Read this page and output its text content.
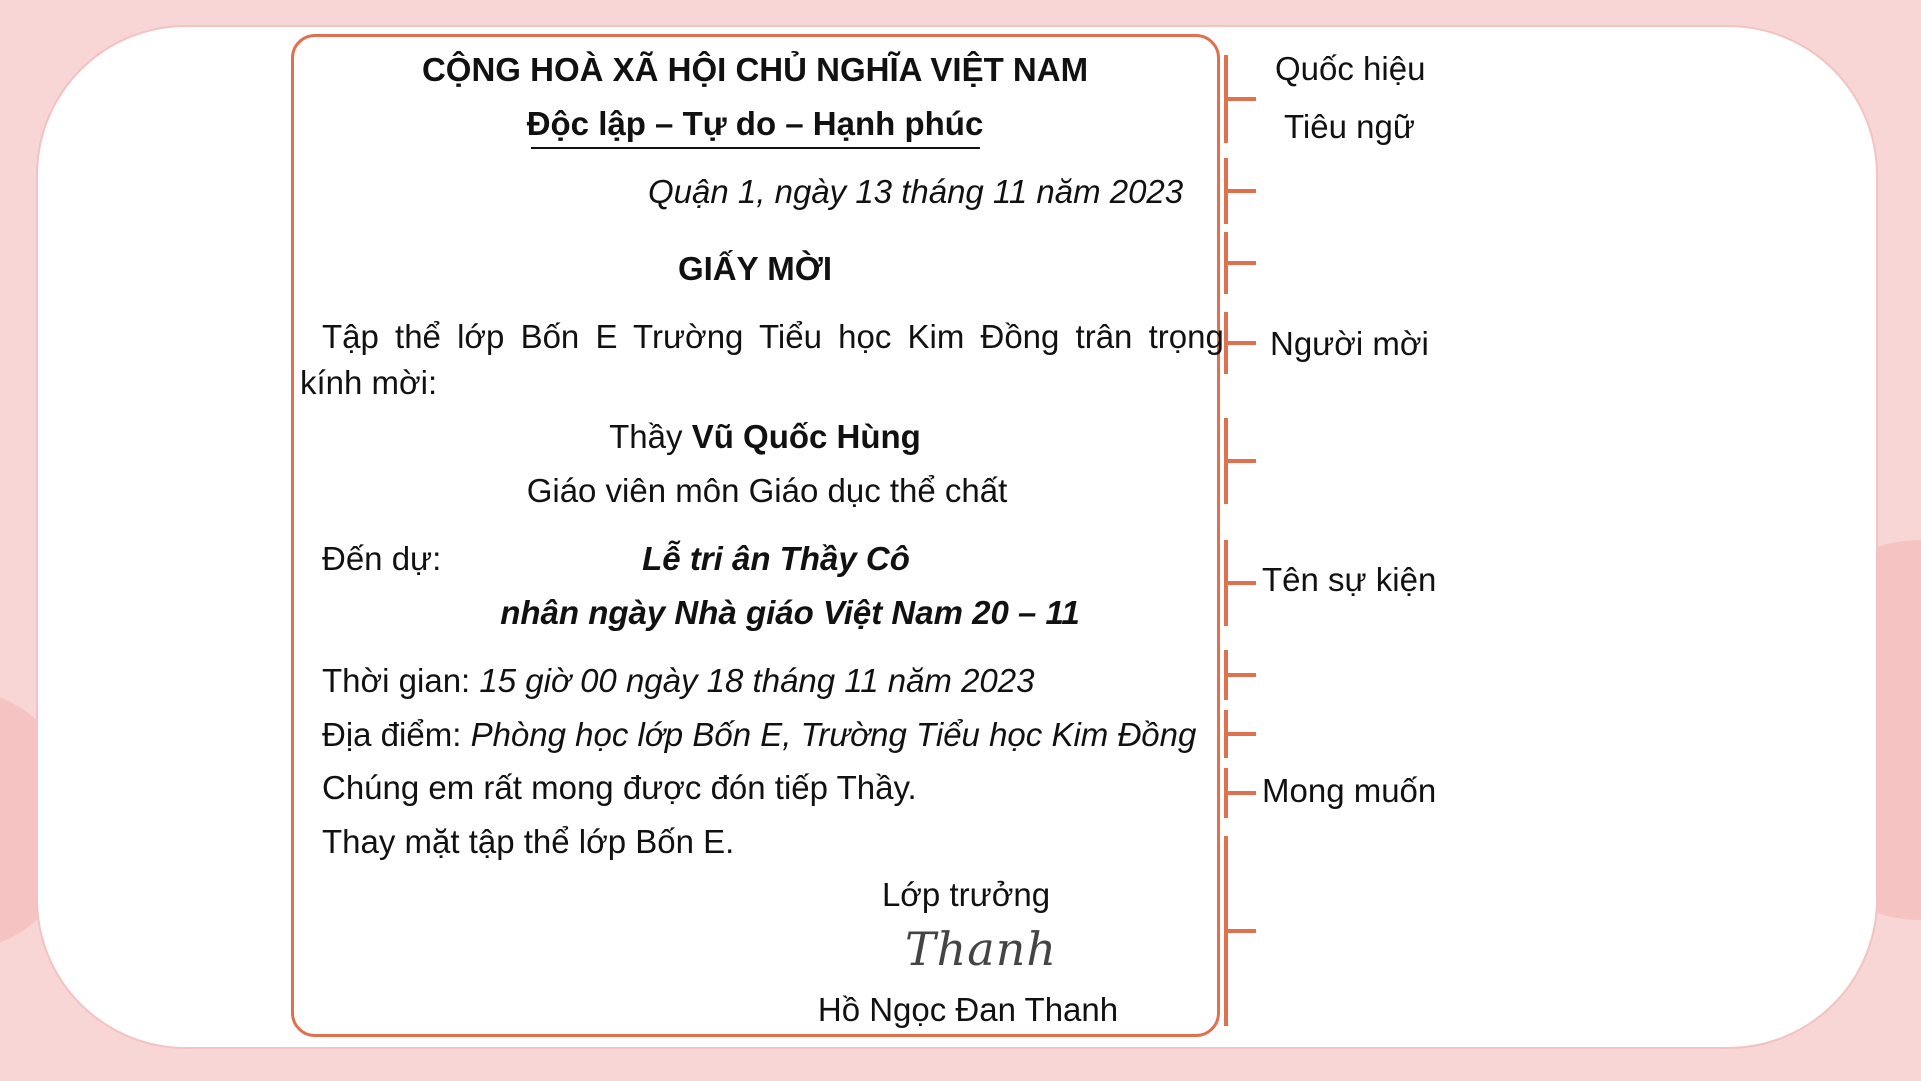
CỘNG HOÀ XÃ HỘI CHỦ NGHĨA VIỆT NAM
Độc lập – Tự do – Hạnh phúc
Quận 1, ngày 13 tháng 11 năm 2023
GIẤY MỜI
Tập thể lớp Bốn E Trường Tiểu học Kim Đồng trân trọng
kính mời:
Thầy Vũ Quốc Hùng
Giáo viên môn Giáo dục thể chất
Đến dự:	Lễ tri ân Thầy Cô
nhân ngày Nhà giáo Việt Nam 20 – 11
Thời gian: 15 giờ 00 ngày 18 tháng 11 năm 2023
Địa điểm: Phòng học lớp Bốn E, Trường Tiểu học Kim Đồng
Chúng em rất mong được đón tiếp Thầy.
Thay mặt tập thể lớp Bốn E.
Lớp trưởng
Thanh
Hồ Ngọc Đan Thanh
Quốc hiệu
Tiêu ngữ
Người mời
Tên sự kiện
Mong muốn
